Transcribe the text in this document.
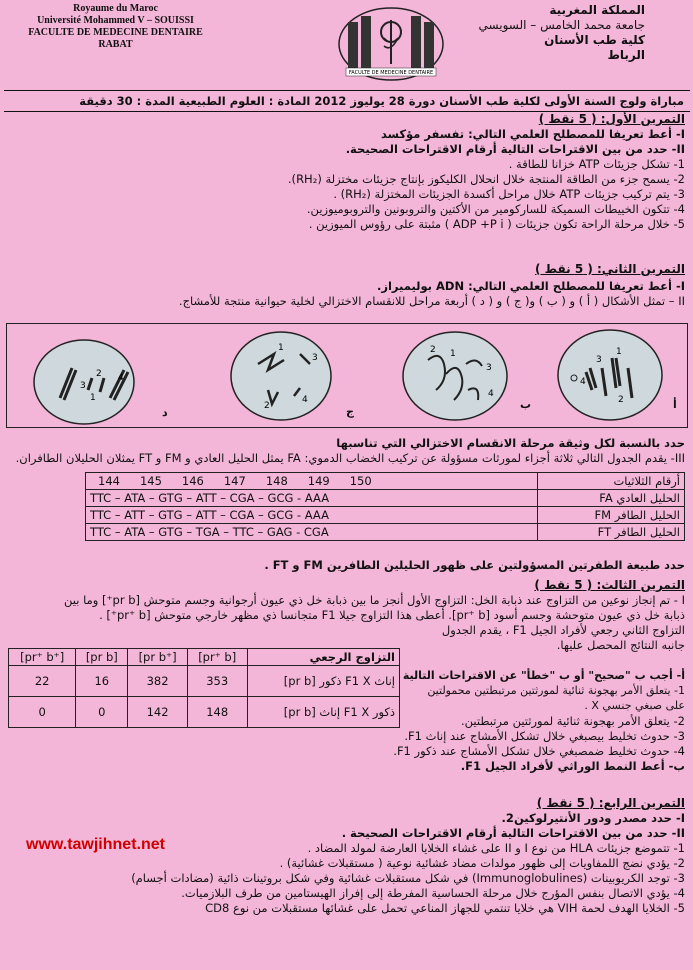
Royaume du Maroc
Université Mohammed V – SOUISSI
FACULTE DE MEDECINE DENTAIRE
RABAT
FACULTE DE MEDECINE DENTAIRE
المملكة المغربية
جامعة محمد الخامس – السويسي
كلية طب الأسنان
الرباط
مباراة ولوج السنة الأولى لكلية طب الأسنان دورة 28 يوليوز 2012 المادة : العلوم الطبيعية المدة : 30 دقيقة
التمرين الأول: ( 5 نقط )
I- أعط تعريفا للمصطلح العلمي التالي: تفسفر مؤكسد
II- حدد من بين الاقتراحات التالية أرقام الاقتراحات الصحيحة.
1- تشكل جزيئات ATP خزانا للطاقة .
2- يسمح جزء من الطاقة المنتجة خلال انحلال الكليكوز بإنتاج جزيئات مختزلة (RH₂).
3- يتم تركيب جزيئات ATP خلال مراحل أكسدة الجزيئات المختزلة (RH₂) .
4- تتكون الخييطات السميكة للساركومير من الأكتين والتروبونين والتروبوميوزين.
5- خلال مرحلة الراحة تكون جزيئات ( ADP +P i ) مثبتة على رؤوس الميوزين .
التمرين الثاني: ( 5 نقط )
I- أعط تعريفا للمصطلح العلمي التالي: ADN بوليميراز.
II – تمثل الأشكال ( أ ) و ( ب ) و( ج ) و ( د ) أربعة مراحل للانقسام الاختزالي لخلية حيوانية منتجة للأمشاج.
3
2
1
4
د
1
2
3
4
ج
2 1
3
4
ب
3
1
4
2	أ
حدد بالنسبة لكل وثيقة مرحلة الانقسام الاختزالي التي تناسبها
III- يقدم الجدول التالي ثلاثة أجزاء لمورثات مسؤولة عن تركيب الخضاب الدموي: FA يمثل الحليل العادي و FM و FT يمثلان الحليلان الطافران.
144 145 146 147 148 149 150	أرقام الثلاثيات
TTC – ATA – GTG – ATT – CGA – GCG - AAA	الحليل العادي FA
TTC – ATT – GTG – ATT – CGA – GCG - AAA	الحليل الطافر FM
TTC – ATA – GTG – TGA – TTC – GAG - CGA	الحليل الطافر FT
حدد طبيعة الطفرتين المسؤولتين على ظهور الحليلين الطافرين FM و FT .
التمرين الثالث: ( 5 نقط )
I - تم إنجاز نوعين من التزاوج عند ذبابة الخل: التزاوج الأول أنجز ما بين ذبابة خل ذي عيون أرجوانية وجسم متوحش [pr b⁺] وما بين
ذبابة خل ذي عيون متوحشة وجسم أسود [pr⁺ b]. أعطى هذا التزاوج جيلا F1 متجانسا ذي مظهر خارجي متوحش [pr⁺ b⁺] .
التزاوج الثاني رجعي لأفراد الجيل F1 ، يقدم الجدول
جانبه النتائج المحصل عليها.
[pr⁺ b⁺]	[pr b]	[pr b⁺]	[pr⁺ b]	التزاوج الرجعي
22	16	382	353	إناث F1 X ذكور [pr b]
0	0	142	148	ذكور F1 X إناث [pr b]
أ- أجب ب "صحيح" أو ب "خطأ" عن الاقتراحات التالية
1- يتعلق الأمر بهجونة ثنائية لمورثتين مرتبطتين محمولتين
على صبغي جنسي X .
2- يتعلق الأمر بهجونة ثنائية لمورثتين مرتبطتين.
3- حدوث تخليط بيصبغي خلال تشكل الأمشاج عند إناث F1.
4- حدوث تخليط ضمصبغي خلال تشكل الأمشاج عند ذكور F1.
ب- أعط النمط الوراثي لأفراد الجيل F1.
التمرين الرابع: ( 5 نقط )
I- حدد مصدر ودور الأنتيرلوكين2.
II- حدد من بين الاقتراحات التالية أرقام الاقتراحات الصحيحة .
1- تتموضع جزيئات HLA من نوع I و II على غشاء الخلايا العارضة لمولد المضاد .
2- يؤدي نضج اللمفاويات إلى ظهور مولدات مضاد غشائية نوعية ( مستقبلات غشائية) .
3- توجد الكريوبينات (Immunoglobulines) في شكل مستقبلات غشائية وفي شكل بروتينات ذائية (مضادات أجسام)
4- يؤدي الاتصال بنفس المؤرج خلال مرحلة الحساسية المفرطة إلى إفراز الهيستامين من طرف البلازميات.
5- الخلايا الهدف لحمة VIH هي خلايا تنتمي للجهاز المناعي تحمل على غشائها مستقبلات من نوع CD8
www.tawjihnet.net
